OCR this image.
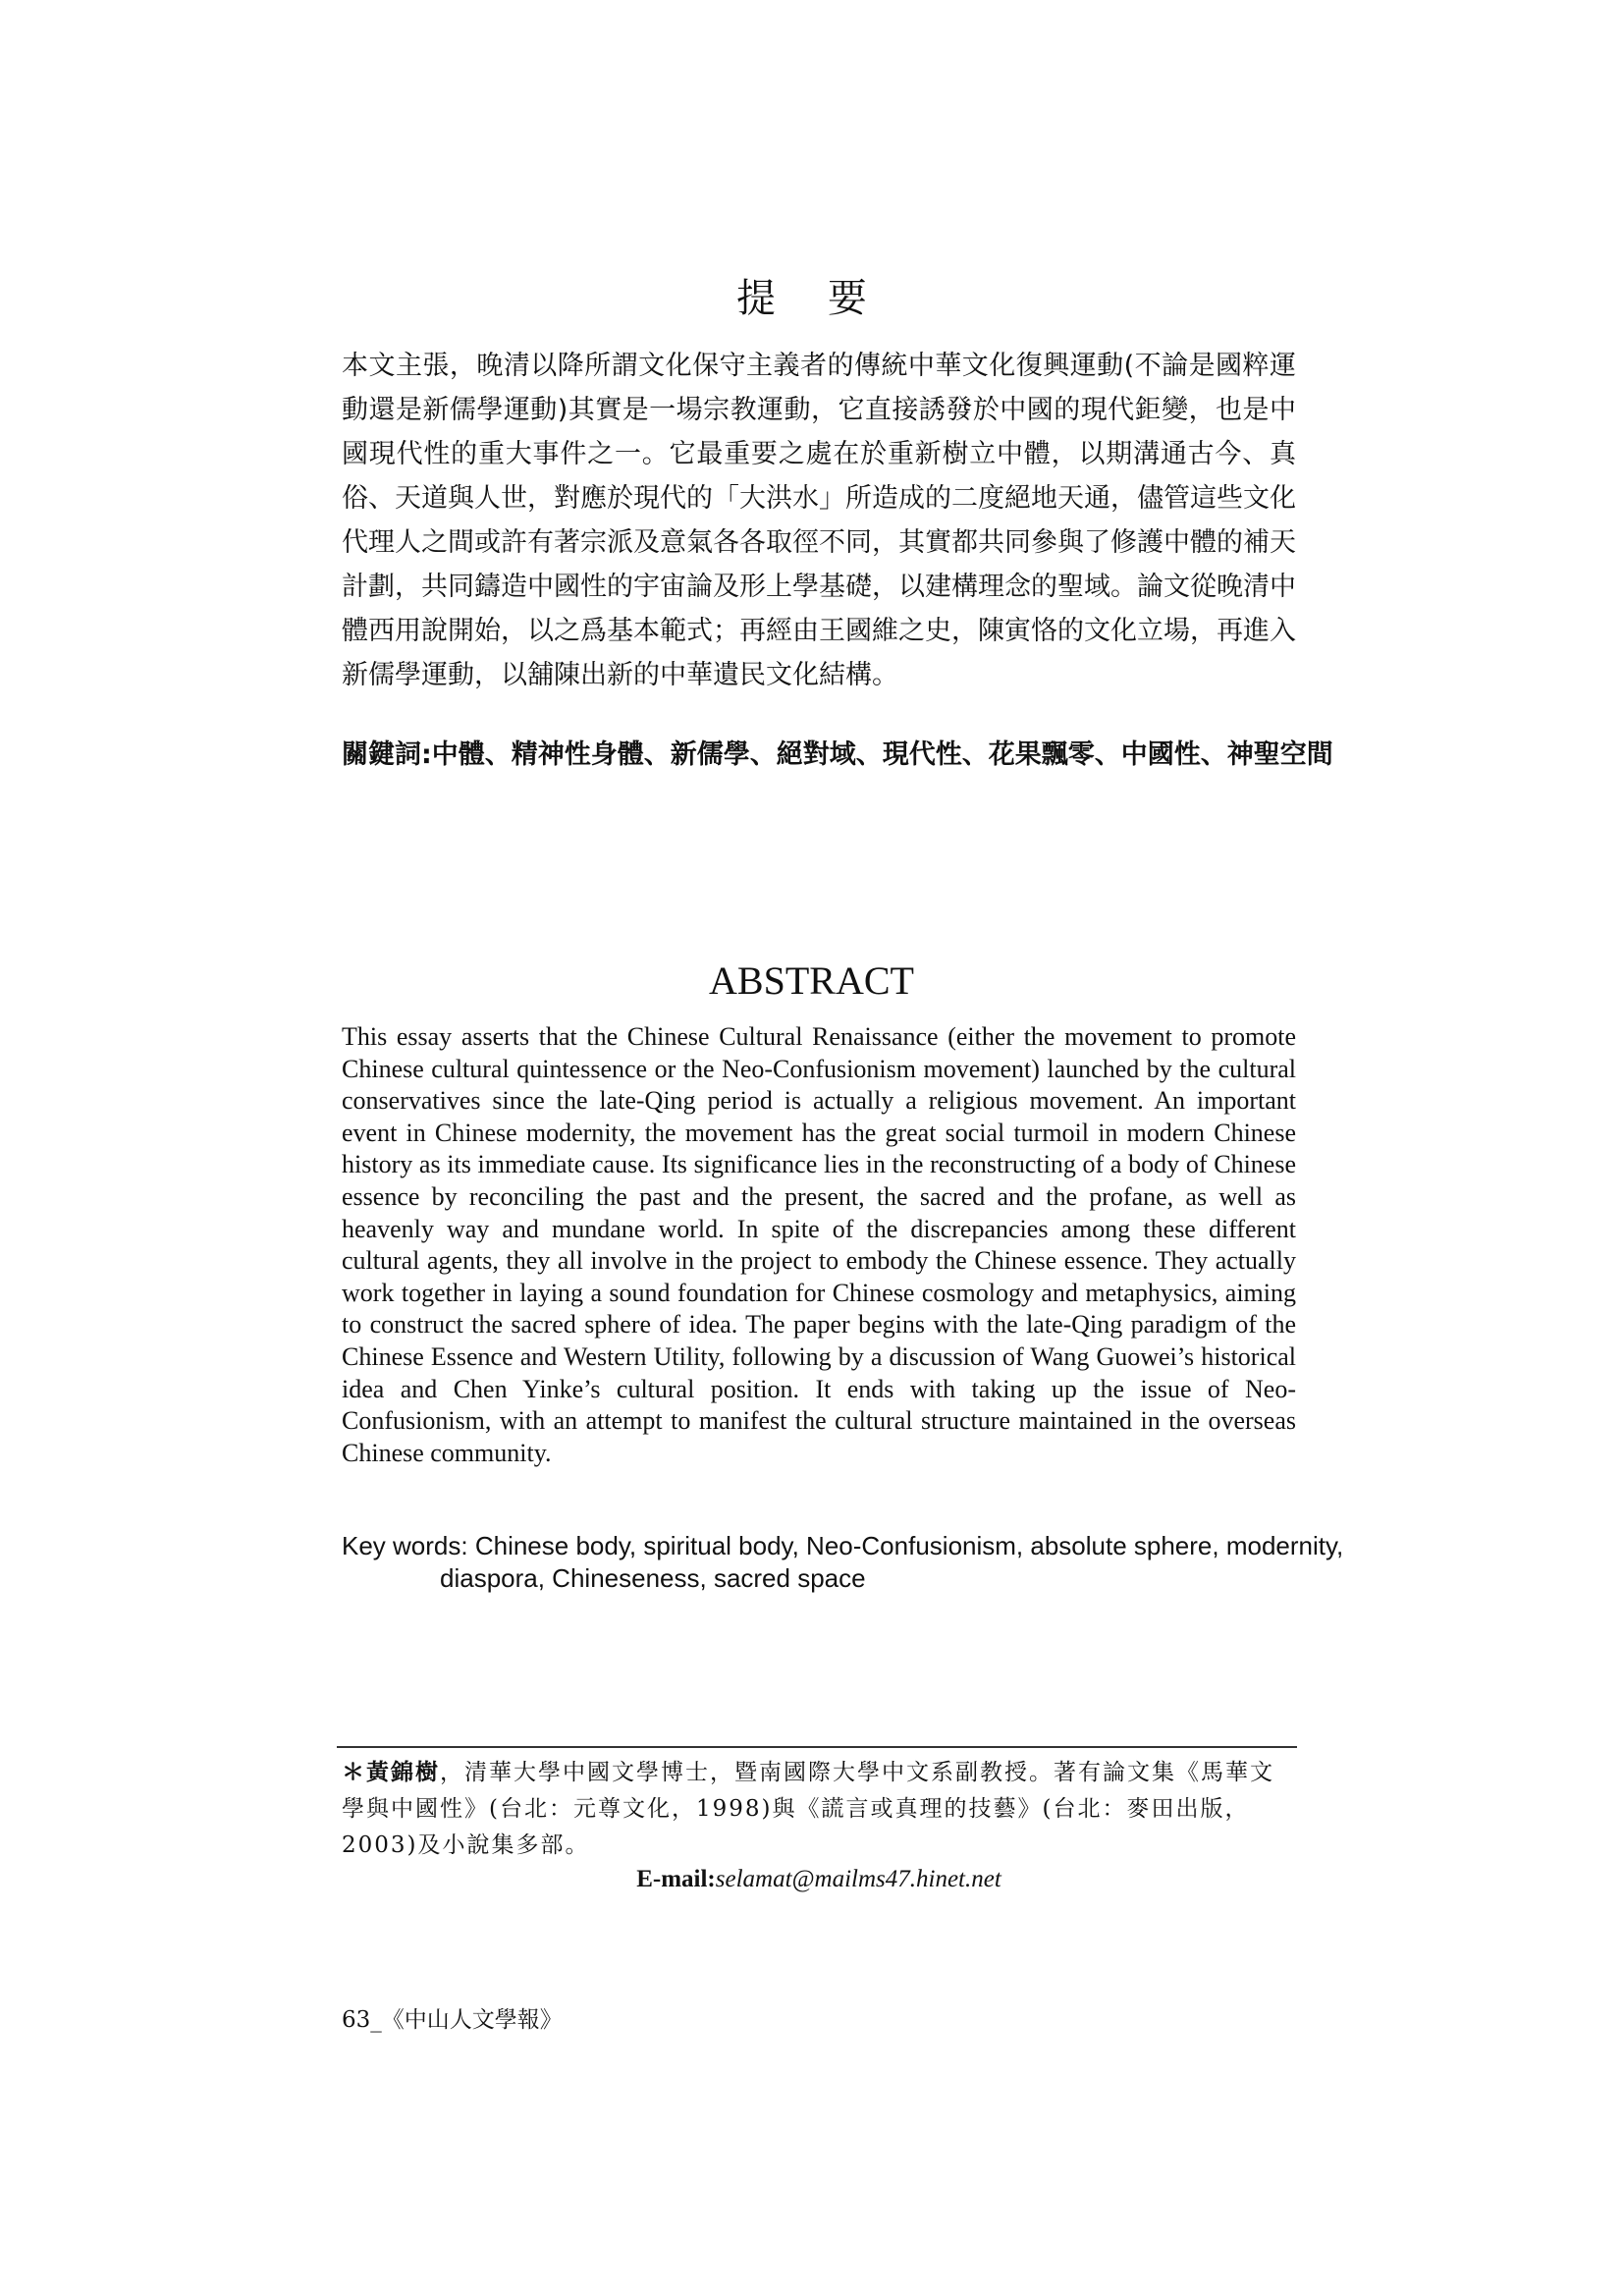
提 要

本文主張，晚清以降所謂文化保守主義者的傳統中華文化復興運動(不論是國粹運動還是新儒學運動)其實是一場宗教運動，它直接誘發於中國的現代鉅變，也是中國現代性的重大事件之一。它最重要之處在於重新樹立中體，以期溝通古今、真俗、天道與人世，對應於現代的「大洪水」所造成的二度絕地天通，儘管這些文化代理人之間或許有著宗派及意氣各各取徑不同，其實都共同參與了修護中體的補天計劃，共同鑄造中國性的宇宙論及形上學基礎，以建構理念的聖域。論文從晚清中體西用說開始，以之爲基本範式；再經由王國維之史，陳寅恪的文化立場，再進入新儒學運動，以舖陳出新的中華遺民文化結構。

關鍵詞:中體、精神性身體、新儒學、絕對域、現代性、花果飄零、中國性、神聖空間

ABSTRACT

This essay asserts that the Chinese Cultural Renaissance (either the movement to promote Chinese cultural quintessence or the Neo-Confusionism movement) launched by the cultural conservatives since the late-Qing period is actually a religious movement. An important event in Chinese modernity, the movement has the great social turmoil in modern Chinese history as its immediate cause. Its significance lies in the reconstructing of a body of Chinese essence by reconciling the past and the present, the sacred and the profane, as well as heavenly way and mundane world. In spite of the discrepancies among these different cultural agents, they all involve in the project to embody the Chinese essence. They actually work together in laying a sound foundation for Chinese cosmology and metaphysics, aiming to construct the sacred sphere of idea. The paper begins with the late-Qing paradigm of the Chinese Essence and Western Utility, following by a discussion of Wang Guowei’s historical idea and Chen Yinke’s cultural position. It ends with taking up the issue of Neo-Confusionism, with an attempt to manifest the cultural structure maintained in the overseas Chinese community.

Key words: Chinese body, spiritual body, Neo-Confusionism, absolute sphere, modernity, diaspora, Chineseness, sacred space

＊黃錦樹，清華大學中國文學博士，暨南國際大學中文系副教授。著有論文集《馬華文學與中國性》(台北：元尊文化，1998)與《謊言或真理的技藝》(台北：麥田出版，2003)及小說集多部。

E-mail:selamat@mailms47.hinet.net

63_《中山人文學報》
